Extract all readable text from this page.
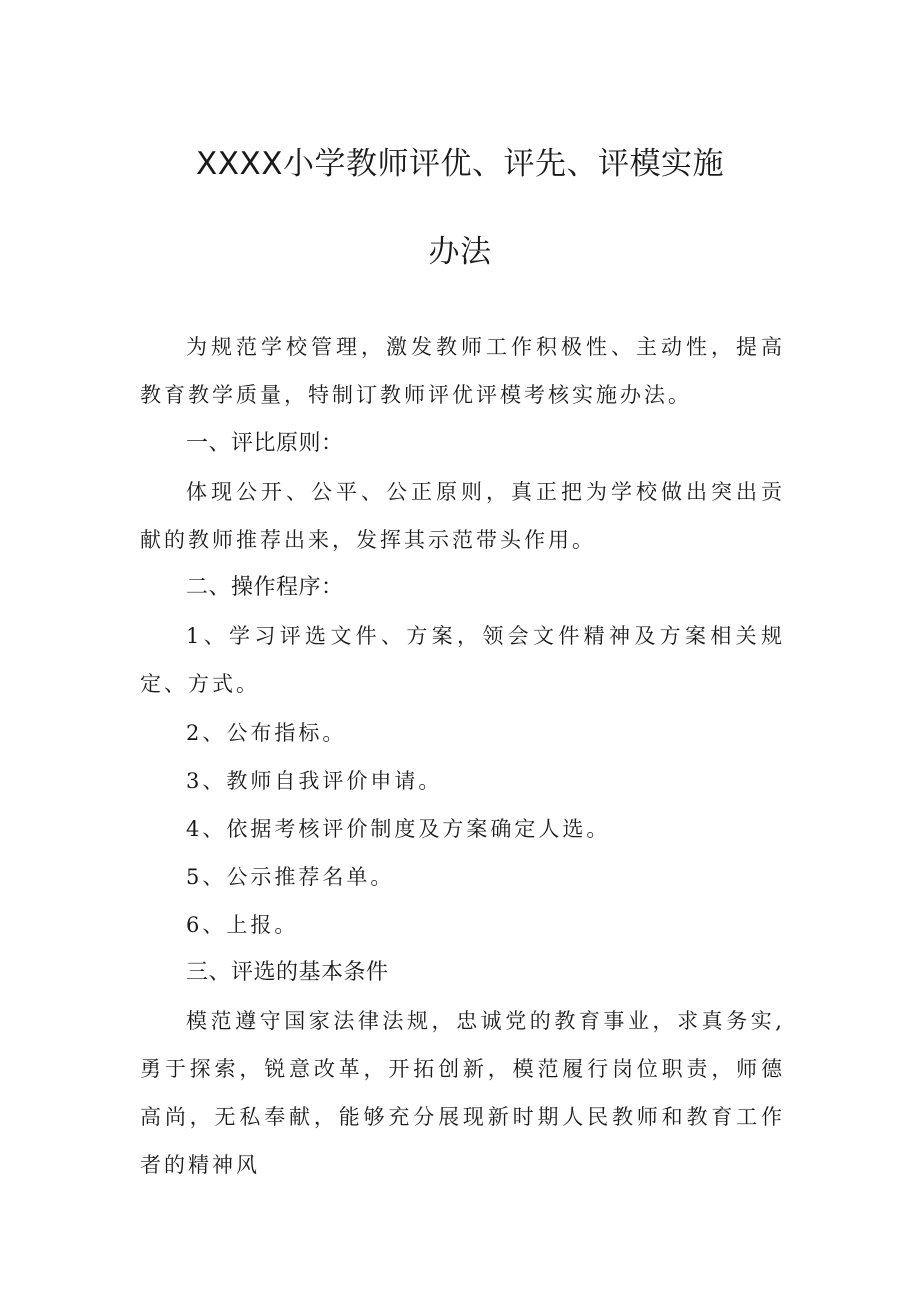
XXXX小学教师评优、评先、评模实施
办法

为规范学校管理，激发教师工作积极性、主动性，提高教育教学质量，特制订教师评优评模考核实施办法。

一、评比原则：

体现公开、公平、公正原则，真正把为学校做出突出贡献的教师推荐出来，发挥其示范带头作用。

二、操作程序：

1、学习评选文件、方案，领会文件精神及方案相关规定、方式。

2、公布指标。

3、教师自我评价申请。

4、依据考核评价制度及方案确定人选。

5、公示推荐名单。

6、上报。

三、评选的基本条件

模范遵守国家法律法规，忠诚党的教育事业，求真务实,勇于探索，锐意改革，开拓创新，模范履行岗位职责，师德高尚，无私奉献，能够充分展现新时期人民教师和教育工作者的精神风
